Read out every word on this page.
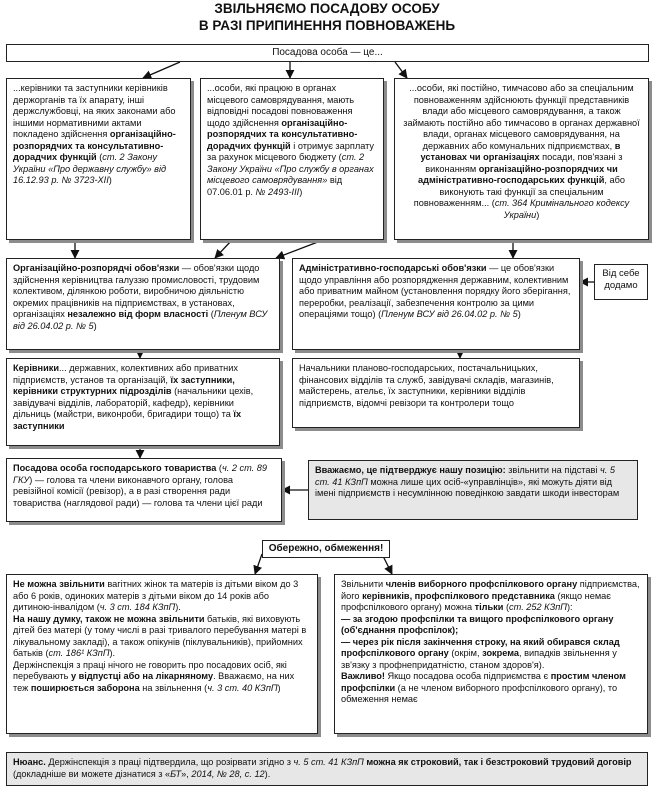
ЗВІЛЬНЯЄМО ПОСАДОВУ ОСОБУ
В РАЗІ ПРИПИНЕННЯ ПОВНОВАЖЕНЬ
Посадова особа — це...
...керівники та заступники керівників держорганів та їх апарату, інші держслужбовці, на яких законами або іншими нормативними актами покладено здійснення організаційно-розпорядчих та консультативно-дорадчих функцій (ст. 2 Закону України «Про державну службу» від 16.12.93 р. № 3723-XII)
...особи, які працюю в органах місцевого самоврядування, мають відповідні посадові повноваження щодо здійснення організаційно-розпорядчих та консультативно-дорадчих функцій і отримує зарплату за рахунок місцевого бюджету (ст. 2 Закону України «Про службу в органах місцевого самоврядування» від 07.06.01 р. № 2493-III)
...особи, які постійно, тимчасово або за спеціальним повноваженням здійснюють функції представників влади або місцевого самоврядування, а також займають постійно або тимчасово в органах державної влади, органах місцевого самоврядування, на державних або комунальних підприємствах, в установах чи організаціях посади, пов'язані з виконанням організаційно-розпорядчих чи адміністративно-господарських функцій, або виконують такі функції за спеціальним повноваженням... (ст. 364 Кримінального кодексу України)
Організаційно-розпорядчі обов'язки — обов'язки щодо здійснення керівництва галуззю промисловості, трудовим колективом, ділянкою роботи, виробничою діяльністю окремих працівників на підприємствах, в установах, організаціях незалежно від форм власності (Пленум ВСУ від 26.04.02 р. № 5)
Адміністративно-господарські обов'язки — це обов'язки щодо управління або розпорядження державним, колективним або приватним майном (установлення порядку його зберігання, переробки, реалізації, забезпечення контролю за цими операціями тощо) (Пленум ВСУ від 26.04.02 р. № 5)
Від себе
додамо
Керівники... державних, колективних або приватних підприємств, установ та організацій, їх заступники, керівники структурних підрозділів (начальники цехів, завідувачі відділів, лабораторій, кафедр), керівники дільниць (майстри, виконроби, бригадири тощо) та їх заступники
Начальники планово-господарських, постачальницьких, фінансових відділів та служб, завідувачі складів, магазинів, майстерень, ательє, їх заступники, керівники відділів підприємств, відомчі ревізори та контролери тощо
Посадова особа господарського товариства (ч. 2 ст. 89 ГКУ) — голова та члени виконавчого органу, голова ревізійної комісії (ревізор), а в разі створення ради товариства (наглядової ради) — голова та члени цієї ради
Вважаємо, це підтверджує нашу позицію: звільнити на підставі ч. 5 ст. 41 КЗпП можна лише цих осіб-«управлінців», які можуть діяти від імені підприємств і несумлінною поведінкою завдати шкоди інвесторам
Обережно, обмеження!

Не можна звільнити вагітних жінок та матерів із дітьми віком до 3 або 6 років, одиноких матерів з дітьми віком до 14 років або дитиною-інвалідом (ч. 3 ст. 184 КЗпП).

На нашу думку, також не можна звільнити батьків, які виховують дітей без матері (у тому числі в разі тривалого перебування матері в лікувальному закладі), а також опікунів (піклувальників), прийомних батьків (ст. 186¹ КЗпП).

Держінспекція з праці нічого не говорить про посадових осіб, які перебувають у відпустці або на лікарняному. Вважаємо, на них теж поширюється заборона на звільнення (ч. 3 ст. 40 КЗпП)

Звільнити членів виборного профспілкового органу підприємства, його керівників, профспілкового представника (якщо немає профспілкового органу) можна тільки (ст. 252 КЗпП):

— за згодою профспілки та вищого профспілкового органу (об'єднання профспілок);

— через рік після закінчення строку, на який обирався склад профспілкового органу (окрім, зокрема, випадків звільнення у зв'язку з профнепридатністю, станом здоров'я).

Важливо! Якщо посадова особа підприємства є простим членом профспілки (а не членом виборного профспілкового органу), то обмеження немає

Нюанс. Держінспекція з праці підтвердила, що розірвати згідно з ч. 5 ст. 41 КЗпП можна як строковий, так і безстроковий трудовий договір (докладніше ви можете дізнатися з «БТ», 2014, № 28, с. 12).
